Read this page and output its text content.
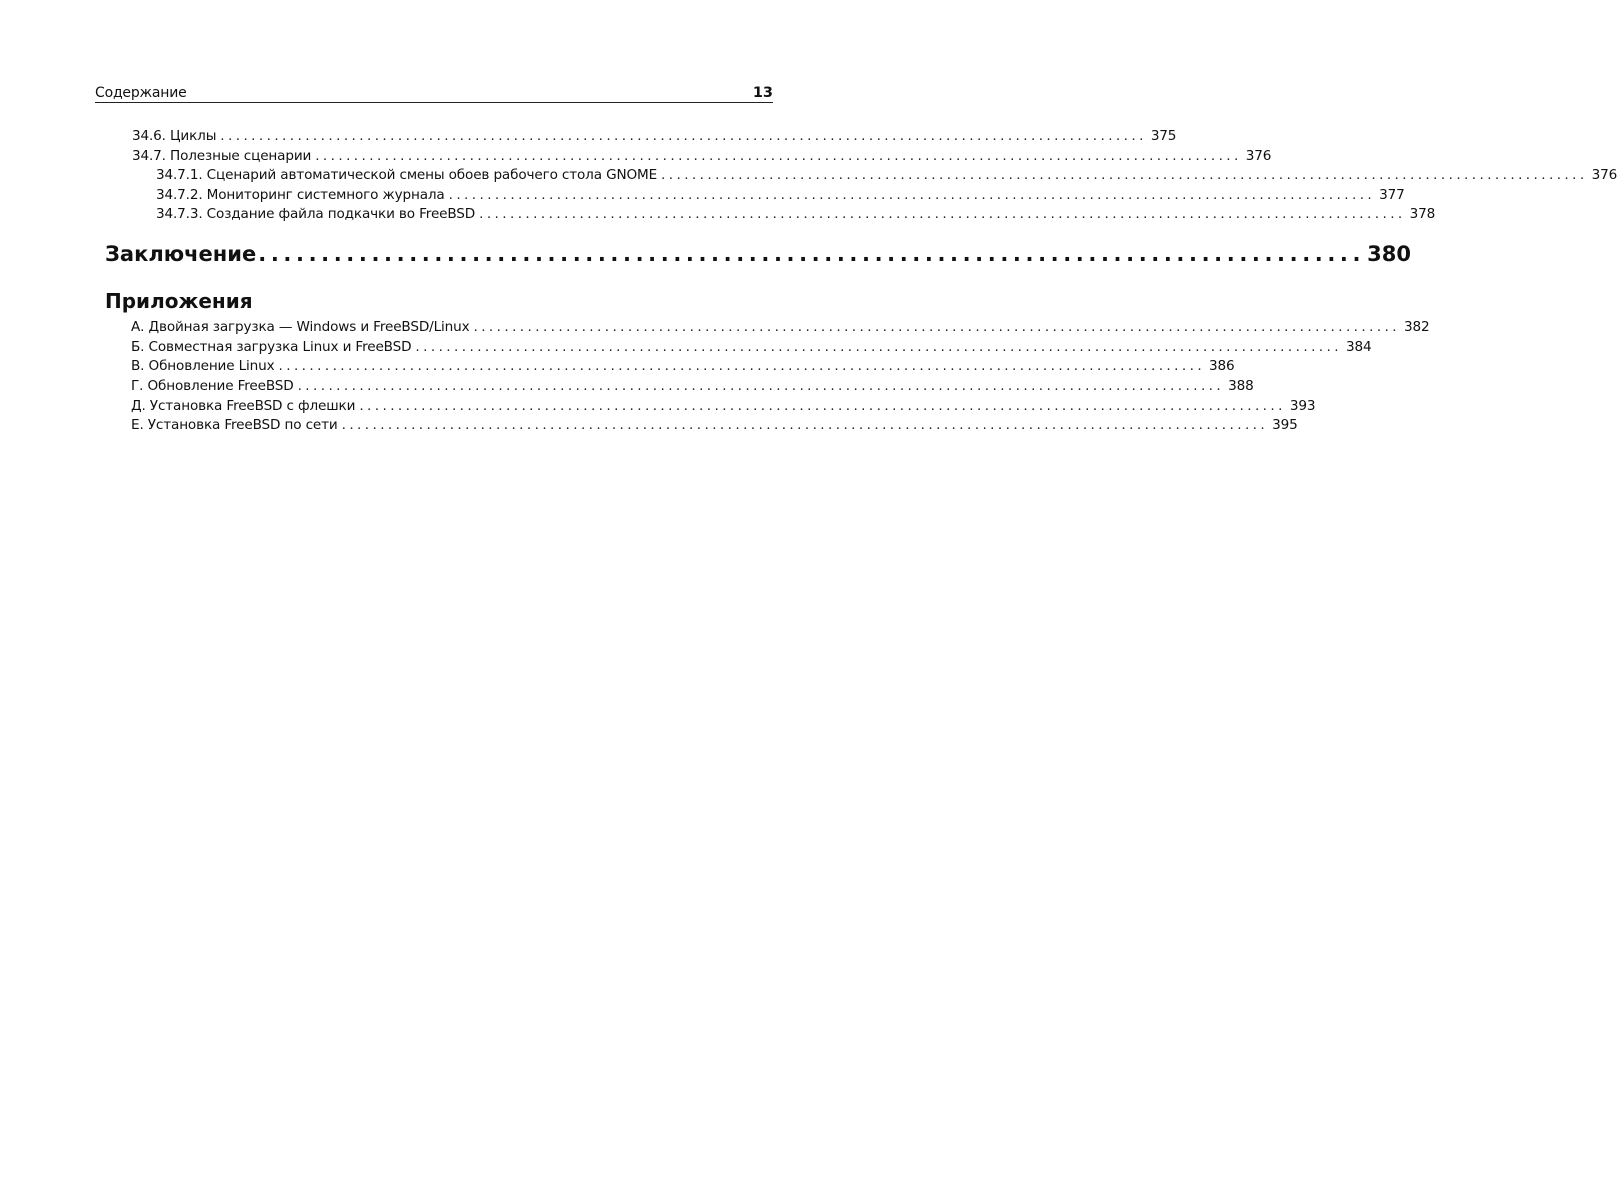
Содержание	13
34.6. Циклы ........................................................................................................................ 375
34.7. Полезные сценарии ........................................................................................................................ 376
34.7.1. Сценарий автоматической смены обоев рабочего стола GNOME ........................................................................................................................ 376
34.7.2. Мониторинг системного журнала ........................................................................................................................ 377
34.7.3. Создание файла подкачки во FreeBSD ........................................................................................................................ 378
Заключение ........................................................................................ 380
Приложения
А. Двойная загрузка — Windows и FreeBSD/Linux ........................................................................................................................ 382
Б. Совместная загрузка Linux и FreeBSD ........................................................................................................................ 384
В. Обновление Linux ........................................................................................................................ 386
Г. Обновление FreeBSD ........................................................................................................................ 388
Д. Установка FreeBSD с флешки ........................................................................................................................ 393
Е. Установка FreeBSD по сети ........................................................................................................................ 395
